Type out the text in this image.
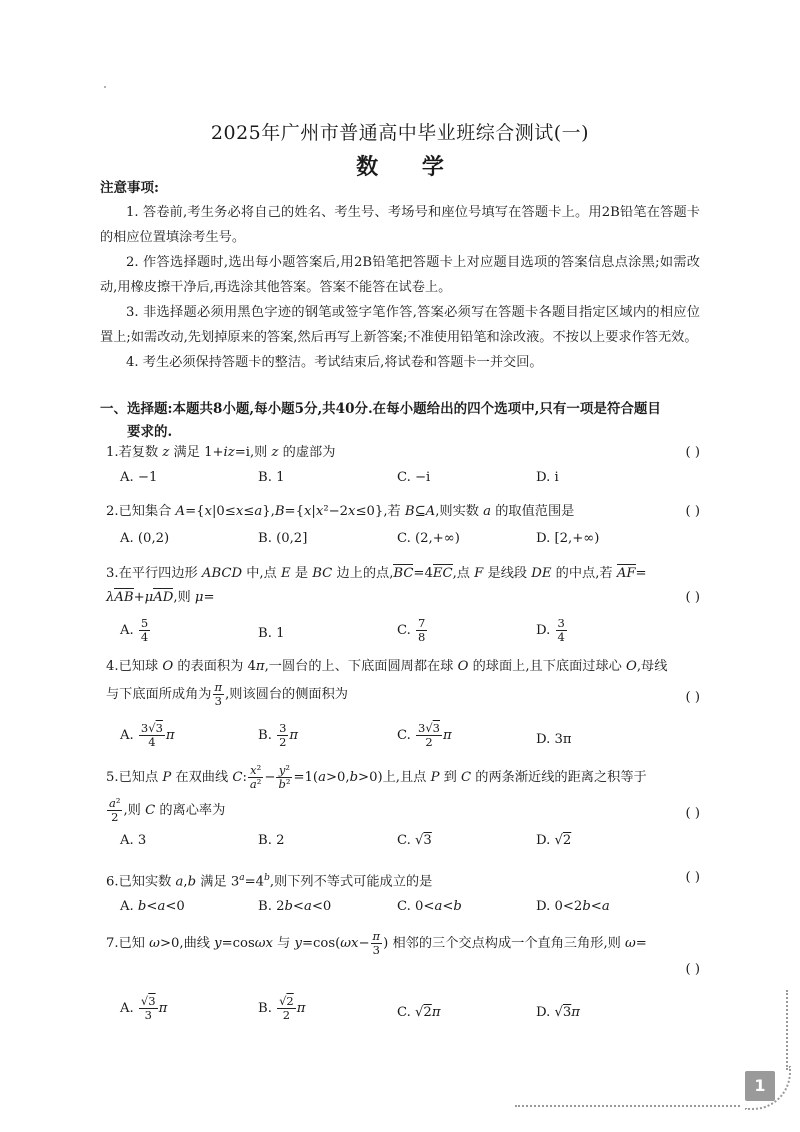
2025年广州市普通高中毕业班综合测试(一)
数 学
注意事项:
1. 答卷前,考生务必将自己的姓名、考生号、考场号和座位号填写在答题卡上。用2B铅笔在答题卡的相应位置填涂考生号。
2. 作答选择题时,选出每小题答案后,用2B铅笔把答题卡上对应题目选项的答案信息点涂黑;如需改动,用橡皮擦干净后,再选涂其他答案。答案不能答在试卷上。
3. 非选择题必须用黑色字迹的钢笔或签字笔作答,答案必须写在答题卡各题目指定区域内的相应位置上;如需改动,先划掉原来的答案,然后再写上新答案;不准使用铅笔和涂改液。不按以上要求作答无效。
4. 考生必须保持答题卡的整洁。考试结束后,将试卷和答题卡一并交回。
一、选择题:本题共8小题,每小题5分,共40分.在每小题给出的四个选项中,只有一项是符合题目
要求的.
1.若复数 z 满足 1+iz=i,则 z 的虚部为	( )
A. −1	B. 1	C. −i	D. i
2.已知集合 A={x|0≤x≤a},B={x|x²−2x≤0},若 B⊆A,则实数 a 的取值范围是	( )
A. (0,2)	B. (0,2]	C. (2,+∞)	D. [2,+∞)
3.在平行四边形 ABCD 中,点 E 是 BC 边上的点,BC=4EC,点 F 是线段 DE 的中点,若 AF=
λAB+μAD,则 μ=	( )
A. $\frac{5}{4}$	B. 1	C. $\frac{7}{8}$	D. $\frac{3}{4}$
4.已知球 O 的表面积为 4π,一圆台的上、下底面圆周都在球 O 的球面上,且下底面过球心 O,母线
与下底面所成角为 $\frac{\pi}{3}$ ,则该圆台的侧面积为	( )
A. $\frac{3√3}{4}$ π	B. $\frac{3}{2}$ π	C. $\frac{3√3}{2}$ π	D. 3π
5.已知点 P 在双曲线 C: $\frac{\text{x²}}{\text{a²}} - \frac{\text{y²}}{\text{b²}} =1(a>0,b>0)$上,且点 P 到 C 的两条渐近线的距离之积等于
$\frac{\text{a²}}{2}$ ,则 C 的离心率为	( )
A. 3	B. 2	C. √3	D. √2
6.已知实数 a,b 满足 $3^a=4^b$,则下列不等式可能成立的是	( )
A. b<a<0	B. 2b<a<0	C. 0<a<b	D. 0<2b<a
7.已知 ω>0,曲线 y=cosωx 与 $y=\cos(\omega x- \frac{\pi}{3}$ ) 相邻的三个交点构成一个直角三角形,则 ω=
( )
A. $\frac{√3}{3}$ π	B. $\frac{√2}{2}$ π	C. √2π	D. √3π
1
